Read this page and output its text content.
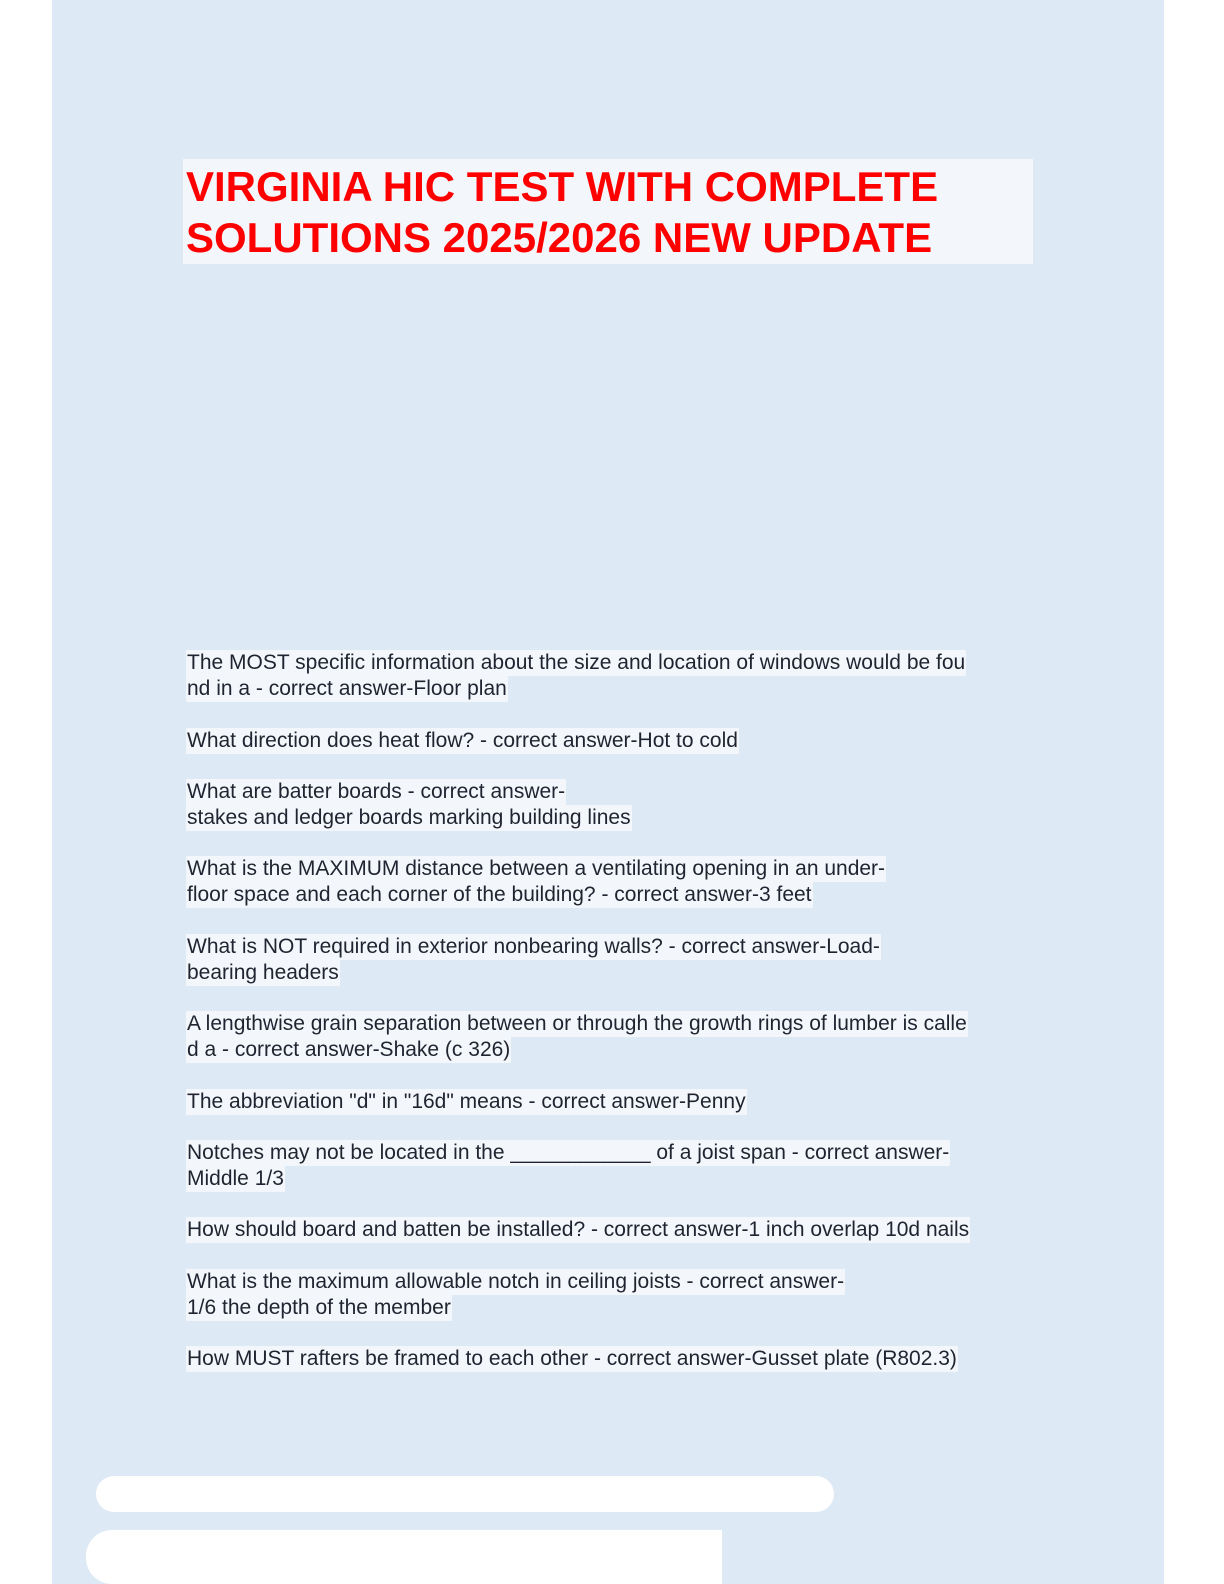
VIRGINIA HIC TEST WITH COMPLETE
SOLUTIONS 2025/2026 NEW UPDATE

The MOST specific information about the size and location of windows would be fou

nd in a - correct answer-Floor plan

What direction does heat flow? - correct answer-Hot to cold

What are batter boards - correct answer-

stakes and ledger boards marking building lines

What is the MAXIMUM distance between a ventilating opening in an under-

floor space and each corner of the building? - correct answer-3 feet

What is NOT required in exterior nonbearing walls? - correct answer-Load-

bearing headers

A lengthwise grain separation between or through the growth rings of lumber is calle

d a - correct answer-Shake (c 326)

The abbreviation "d" in "16d" means - correct answer-Penny

Notches may not be located in the ____________ of a joist span - correct answer-

Middle 1/3

How should board and batten be installed? - correct answer-1 inch overlap 10d nails

What is the maximum allowable notch in ceiling joists - correct answer-

1/6 the depth of the member

How MUST rafters be framed to each other - correct answer-Gusset plate (R802.3)
